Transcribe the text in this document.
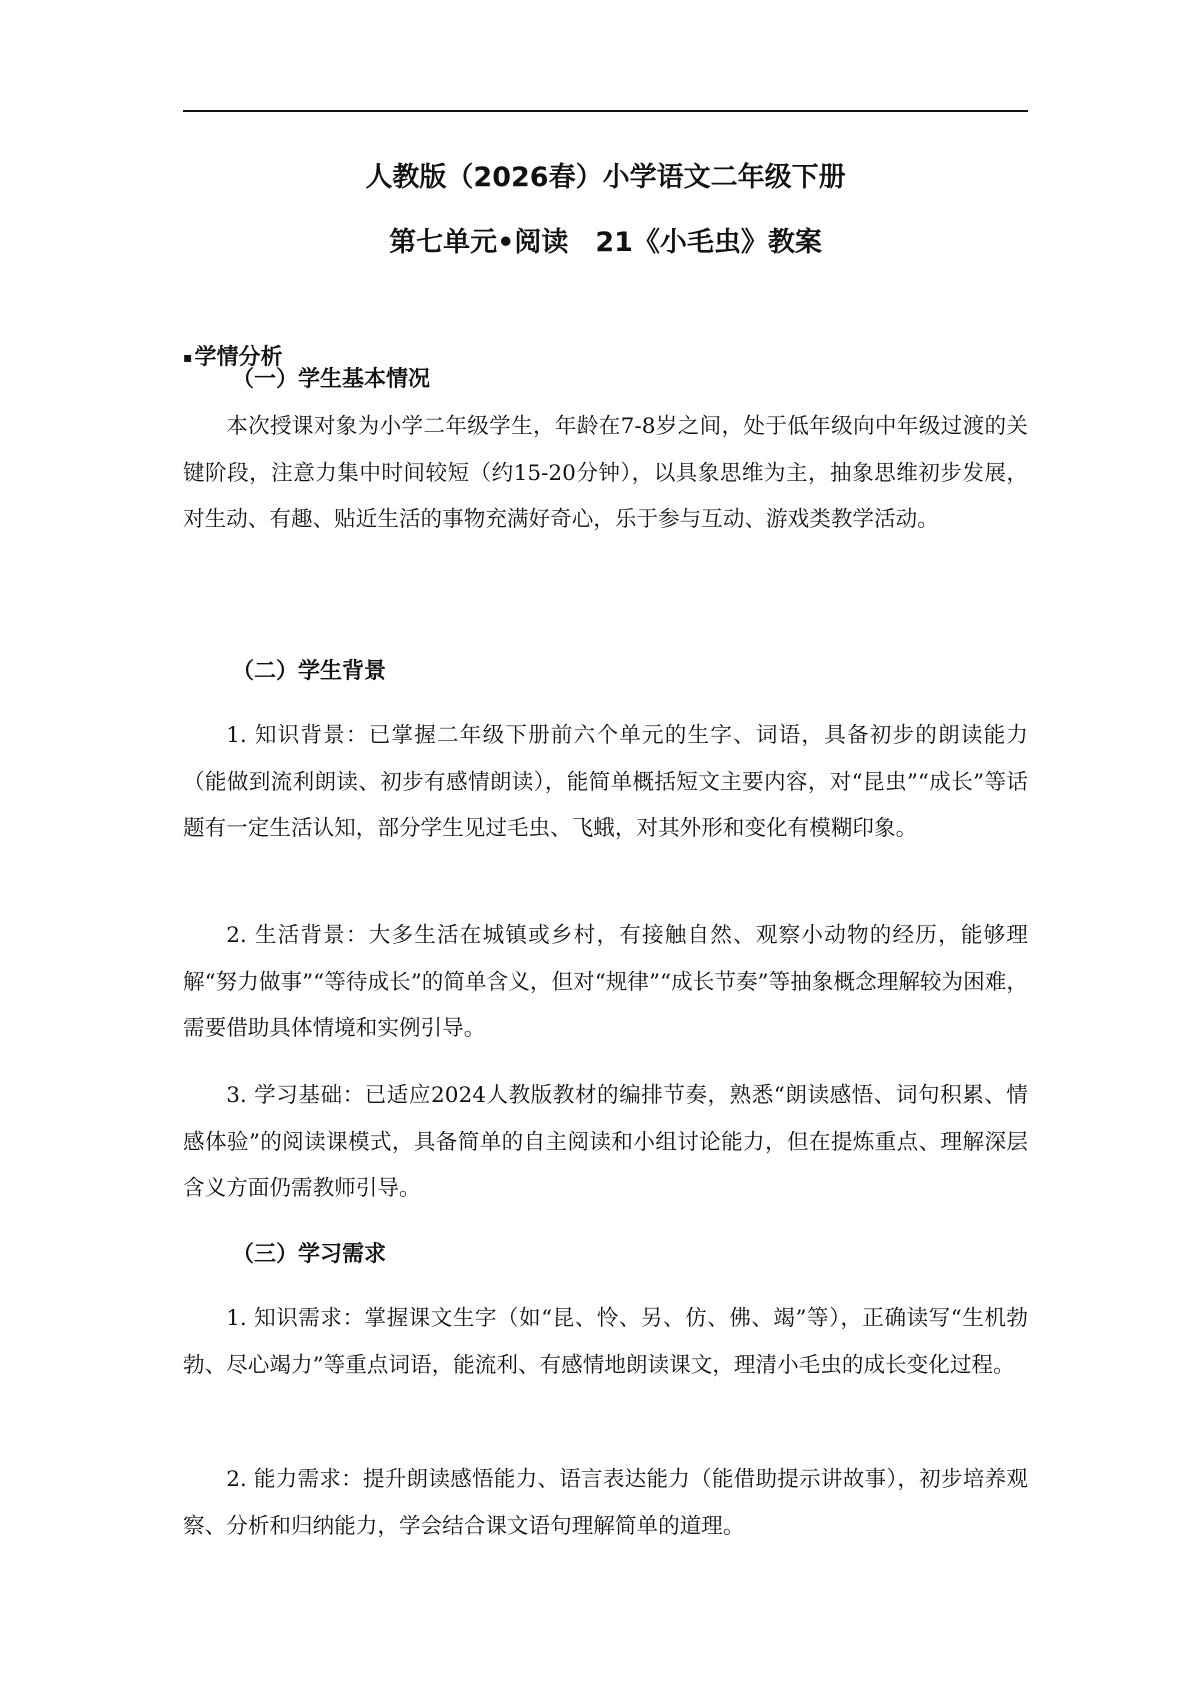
人教版（2026春）小学语文二年级下册
第七单元•阅读　21《小毛虫》教案
▪学情分析
（一）学生基本情况
本次授课对象为小学二年级学生，年龄在7-8岁之间，处于低年级向中年级过渡的关键阶段，注意力集中时间较短（约15-20分钟），以具象思维为主，抽象思维初步发展，对生动、有趣、贴近生活的事物充满好奇心，乐于参与互动、游戏类教学活动。
（二）学生背景
1. 知识背景：已掌握二年级下册前六个单元的生字、词语，具备初步的朗读能力（能做到流利朗读、初步有感情朗读），能简单概括短文主要内容，对“昆虫”“成长”等话题有一定生活认知，部分学生见过毛虫、飞蛾，对其外形和变化有模糊印象。
2. 生活背景：大多生活在城镇或乡村，有接触自然、观察小动物的经历，能够理解“努力做事”“等待成长”的简单含义，但对“规律”“成长节奏”等抽象概念理解较为困难，需要借助具体情境和实例引导。
3. 学习基础：已适应2024人教版教材的编排节奏，熟悉“朗读感悟、词句积累、情感体验”的阅读课模式，具备简单的自主阅读和小组讨论能力，但在提炼重点、理解深层含义方面仍需教师引导。
（三）学习需求
1. 知识需求：掌握课文生字（如“昆、怜、另、仿、佛、竭”等），正确读写“生机勃勃、尽心竭力”等重点词语，能流利、有感情地朗读课文，理清小毛虫的成长变化过程。
2. 能力需求：提升朗读感悟能力、语言表达能力（能借助提示讲故事），初步培养观察、分析和归纳能力，学会结合课文语句理解简单的道理。
